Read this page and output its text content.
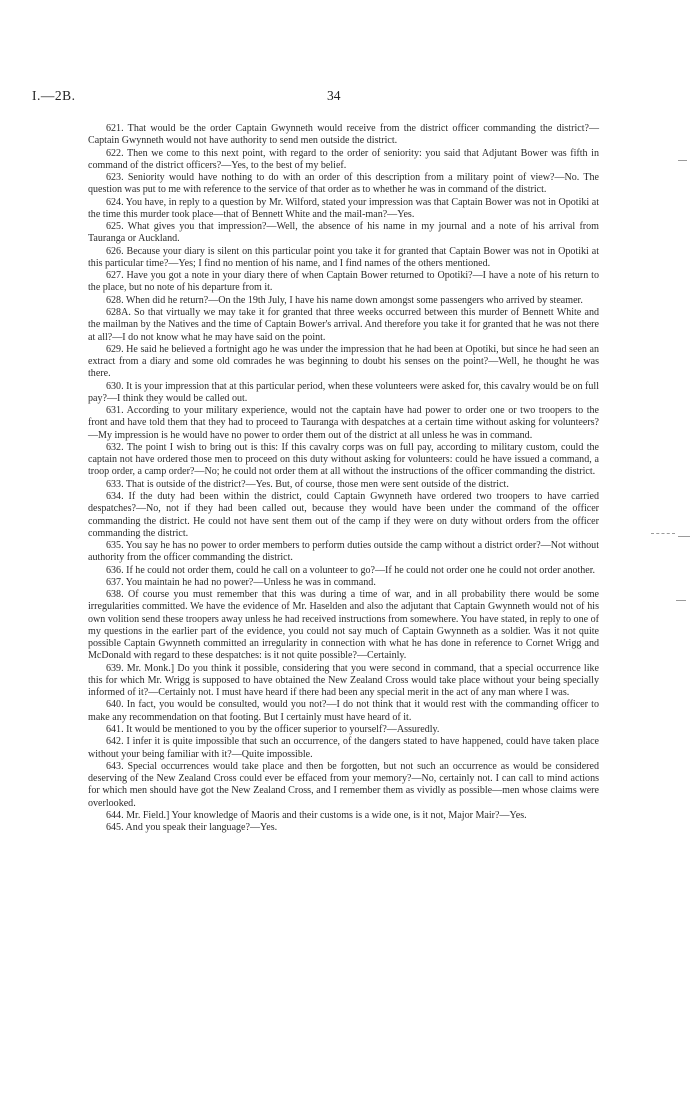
I.—2B.	34

621. That would be the order Captain Gwynneth would receive from the district officer commanding the district?—Captain Gwynneth would not have authority to send men outside the district.

622. Then we come to this next point, with regard to the order of seniority: you said that Adjutant Bower was fifth in command of the district officers?—Yes, to the best of my belief.

623. Seniority would have nothing to do with an order of this description from a military point of view?—No. The question was put to me with reference to the service of that order as to whether he was in command of the district.

624. You have, in reply to a question by Mr. Wilford, stated your impression was that Captain Bower was not in Opotiki at the time this murder took place—that of Bennett White and the mail-man?—Yes.

625. What gives you that impression?—Well, the absence of his name in my journal and a note of his arrival from Tauranga or Auckland.

626. Because your diary is silent on this particular point you take it for granted that Captain Bower was not in Opotiki at this particular time?—Yes; I find no mention of his name, and I find names of the others mentioned.

627. Have you got a note in your diary there of when Captain Bower returned to Opotiki?—I have a note of his return to the place, but no note of his departure from it.

628. When did he return?—On the 19th July, I have his name down amongst some passengers who arrived by steamer.

628A. So that virtually we may take it for granted that three weeks occurred between this murder of Bennett White and the mailman by the Natives and the time of Captain Bower's arrival. And therefore you take it for granted that he was not there at all?—I do not know what he may have said on the point.

629. He said he believed a fortnight ago he was under the impression that he had been at Opotiki, but since he had seen an extract from a diary and some old comrades he was beginning to doubt his senses on the point?—Well, he thought he was there.

630. It is your impression that at this particular period, when these volunteers were asked for, this cavalry would be on full pay?—I think they would be called out.

631. According to your military experience, would not the captain have had power to order one or two troopers to the front and have told them that they had to proceed to Tauranga with despatches at a certain time without asking for volunteers?—My impression is he would have no power to order them out of the district at all unless he was in command.

632. The point I wish to bring out is this: If this cavalry corps was on full pay, according to military custom, could the captain not have ordered those men to proceed on this duty without asking for volunteers: could he have issued a command, a troop order, a camp order?—No; he could not order them at all without the instructions of the officer commanding the district.

633. That is outside of the district?—Yes. But, of course, those men were sent outside of the district.

634. If the duty had been within the district, could Captain Gwynneth have ordered two troopers to have carried despatches?—No, not if they had been called out, because they would have been under the command of the officer commanding the district. He could not have sent them out of the camp if they were on duty without orders from the officer commanding the district.

635. You say he has no power to order members to perform duties outside the camp without a district order?—Not without authority from the officer commanding the district.

636. If he could not order them, could he call on a volunteer to go?—If he could not order one he could not order another.

637. You maintain he had no power?—Unless he was in command.

638. Of course you must remember that this was during a time of war, and in all probability there would be some irregularities committed. We have the evidence of Mr. Haselden and also the adjutant that Captain Gwynneth would not of his own volition send these troopers away unless he had received instructions from somewhere. You have stated, in reply to one of my questions in the earlier part of the evidence, you could not say much of Captain Gwynneth as a soldier. Was it not quite possible Captain Gwynneth committed an irregularity in connection with what he has done in reference to Cornet Wrigg and McDonald with regard to these despatches: is it not quite possible?—Certainly.

639. Mr. Monk.] Do you think it possible, considering that you were second in command, that a special occurrence like this for which Mr. Wrigg is supposed to have obtained the New Zealand Cross would take place without your being specially informed of it?—Certainly not. I must have heard if there had been any special merit in the act of any man where I was.

640. In fact, you would be consulted, would you not?—I do not think that it would rest with the commanding officer to make any recommendation on that footing. But I certainly must have heard of it.

641. It would be mentioned to you by the officer superior to yourself?—Assuredly.

642. I infer it is quite impossible that such an occurrence, of the dangers stated to have happened, could have taken place without your being familiar with it?—Quite impossible.

643. Special occurrences would take place and then be forgotten, but not such an occurrence as would be considered deserving of the New Zealand Cross could ever be effaced from your memory?—No, certainly not. I can call to mind actions for which men should have got the New Zealand Cross, and I remember them as vividly as possible—men whose claims were overlooked.

644. Mr. Field.] Your knowledge of Maoris and their customs is a wide one, is it not, Major Mair?—Yes.

645. And you speak their language?—Yes.
